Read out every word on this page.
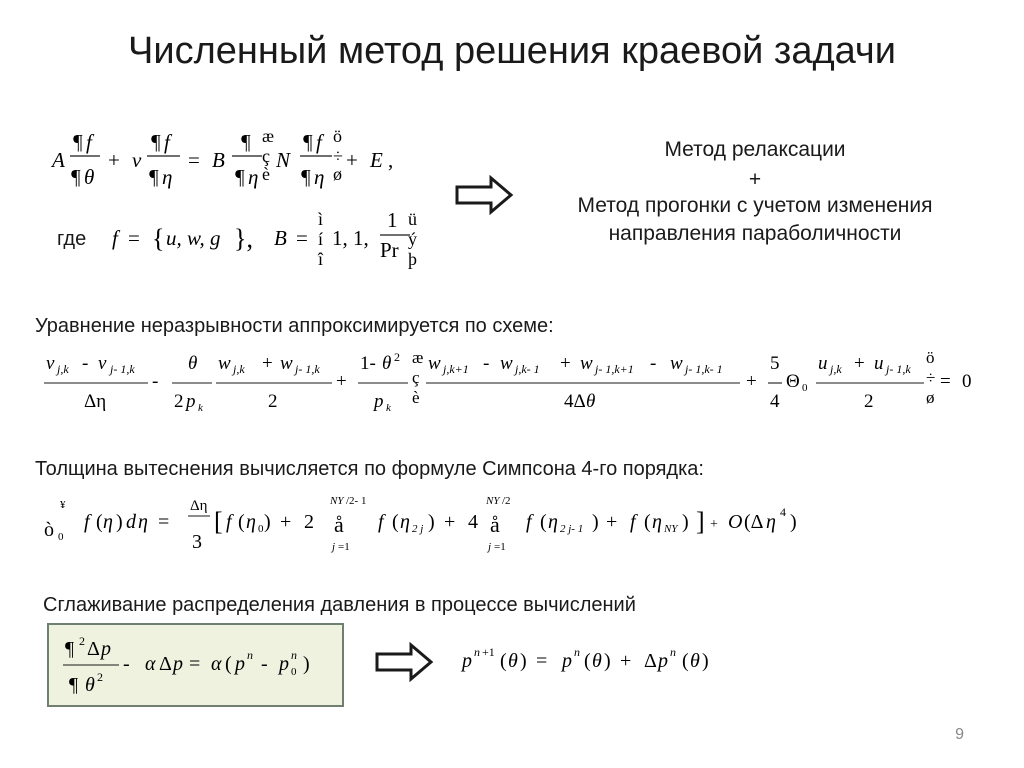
Численный метод решения краевой задачи
A
¶ f
¶ θ
+ v
¶ f
¶ η
= B
¶
¶ η
æ
ç
è
N
¶ f
¶ η
ö
÷
ø
+ E ,
где f = { u, w, g }, B =
ì
í
î
1, 1,
1
Pr
ü
ý
þ
Метод релаксации
+
Метод прогонки с учетом изменения
направления параболичности
Уравнение неразрывности аппроксимируется по схеме:
v j,k - v j- 1,k
Δη
-
θ
2 p k
w j,k + w j- 1,k
2
+
1- θ 2
p k
æ
ç
è
w j,k+1 - w j,k- 1 + w j- 1,k+1 - w j- 1,k- 1
4Δ θ
+
5
4
Θ 0
u j,k + u j- 1,k
2
ö
÷
ø
= 0
Толщина вытеснения вычисляется по формуле Симпсона 4-го порядка:
ò 0
¥
f ( η ) d η =
Δη
3
[ f ( η 0 ) + 2
NY /2- 1
å
j =1
f ( η 2 j ) + 4
NY /2
å
j =1
f ( η 2 j- 1 ) + f ( η NY ) ] + O (Δ η 4 )
Сглаживание распределения давления в процессе вычислений
¶ 2 Δ p
¶ θ 2
- α Δ p = α ( p n - p n
0 )	p n +1 ( θ ) = p n ( θ ) + Δ p n ( θ )
9
